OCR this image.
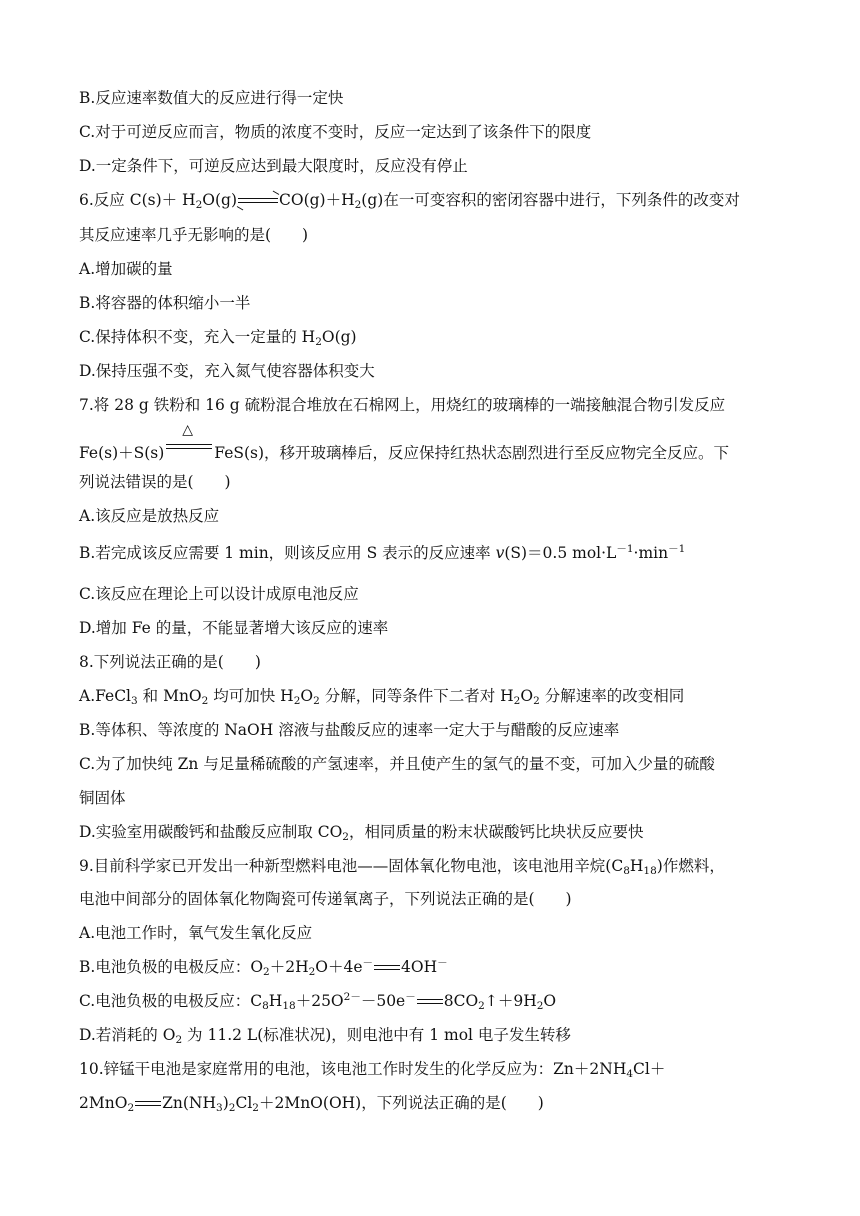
B.反应速率数值大的反应进行得一定快
C.对于可逆反应而言，物质的浓度不变时，反应一定达到了该条件下的限度
D.一定条件下，可逆反应达到最大限度时，反应没有停止
6.反应 $C(s)+ H_2O(g)\rightleftharpoons CO(g)+H_2(g)$在一可变容积的密闭容器中进行，下列条件的改变对
其反应速率几乎无影响的是(　　)
A.增加碳的量
B.将容器的体积缩小一半
C.保持体积不变，充入一定量的 $H_2O(g)$
D.保持压强不变，充入氮气使容器体积变大
7.将 28 g 铁粉和 16 g 硫粉混合堆放在石棉网上，用烧红的玻璃棒的一端接触混合物引发反应
Fe(s)＋S(s)
△
FeS(s)，移开玻璃棒后，反应保持红热状态剧烈进行至反应物完全反应。下
列说法错误的是(　　)
A.该反应是放热反应
B.若完成该反应需要 1 min，则该反应用 S 表示的反应速率 v(S)＝0.5 $mol\cdot L^{-1}\cdot\min^{-1}$
C.该反应在理论上可以设计成原电池反应
D.增加 Fe 的量，不能显著增大该反应的速率
8.下列说法正确的是(　　)
A.FeCl$_3$ 和 MnO$_2$ 均可加快 $H_2O_2$ 分解，同等条件下二者对 $H_2O_2$ 分解速率的改变相同
B.等体积、等浓度的 NaOH 溶液与盐酸反应的速率一定大于与醋酸的反应速率
C.为了加快纯 Zn 与足量稀硫酸的产氢速率，并且使产生的氢气的量不变，可加入少量的硫酸
铜固体
D.实验室用碳酸钙和盐酸反应制取 $CO_2$，相同质量的粉末状碳酸钙比块状反应要快
9.目前科学家已开发出一种新型燃料电池——固体氧化物电池，该电池用辛烷$(C_8H_{18})$作燃料，
电池中间部分的固体氧化物陶瓷可传递氧离子，下列说法正确的是(　　)
A.电池工作时，氧气发生氧化反应
B.电池负极的电极反应：$O_2+2H_2O+4e^-$ 4OH－
C.电池负极的电极反应：$C_8H_{18}+25O^{2-}-50e^-$ $8CO_2↑+9H_2O$
D.若消耗的 $O_2$ 为 11.2 L(标准状况)，则电池中有 1 mol 电子发生转移
10.锌锰干电池是家庭常用的电池，该电池工作时发生的化学反应为：$Zn+2NH_4Cl+$
2MnO$_2$ $Zn(NH_3)_2Cl_2+2MnO(OH)$，下列说法正确的是(　　)
